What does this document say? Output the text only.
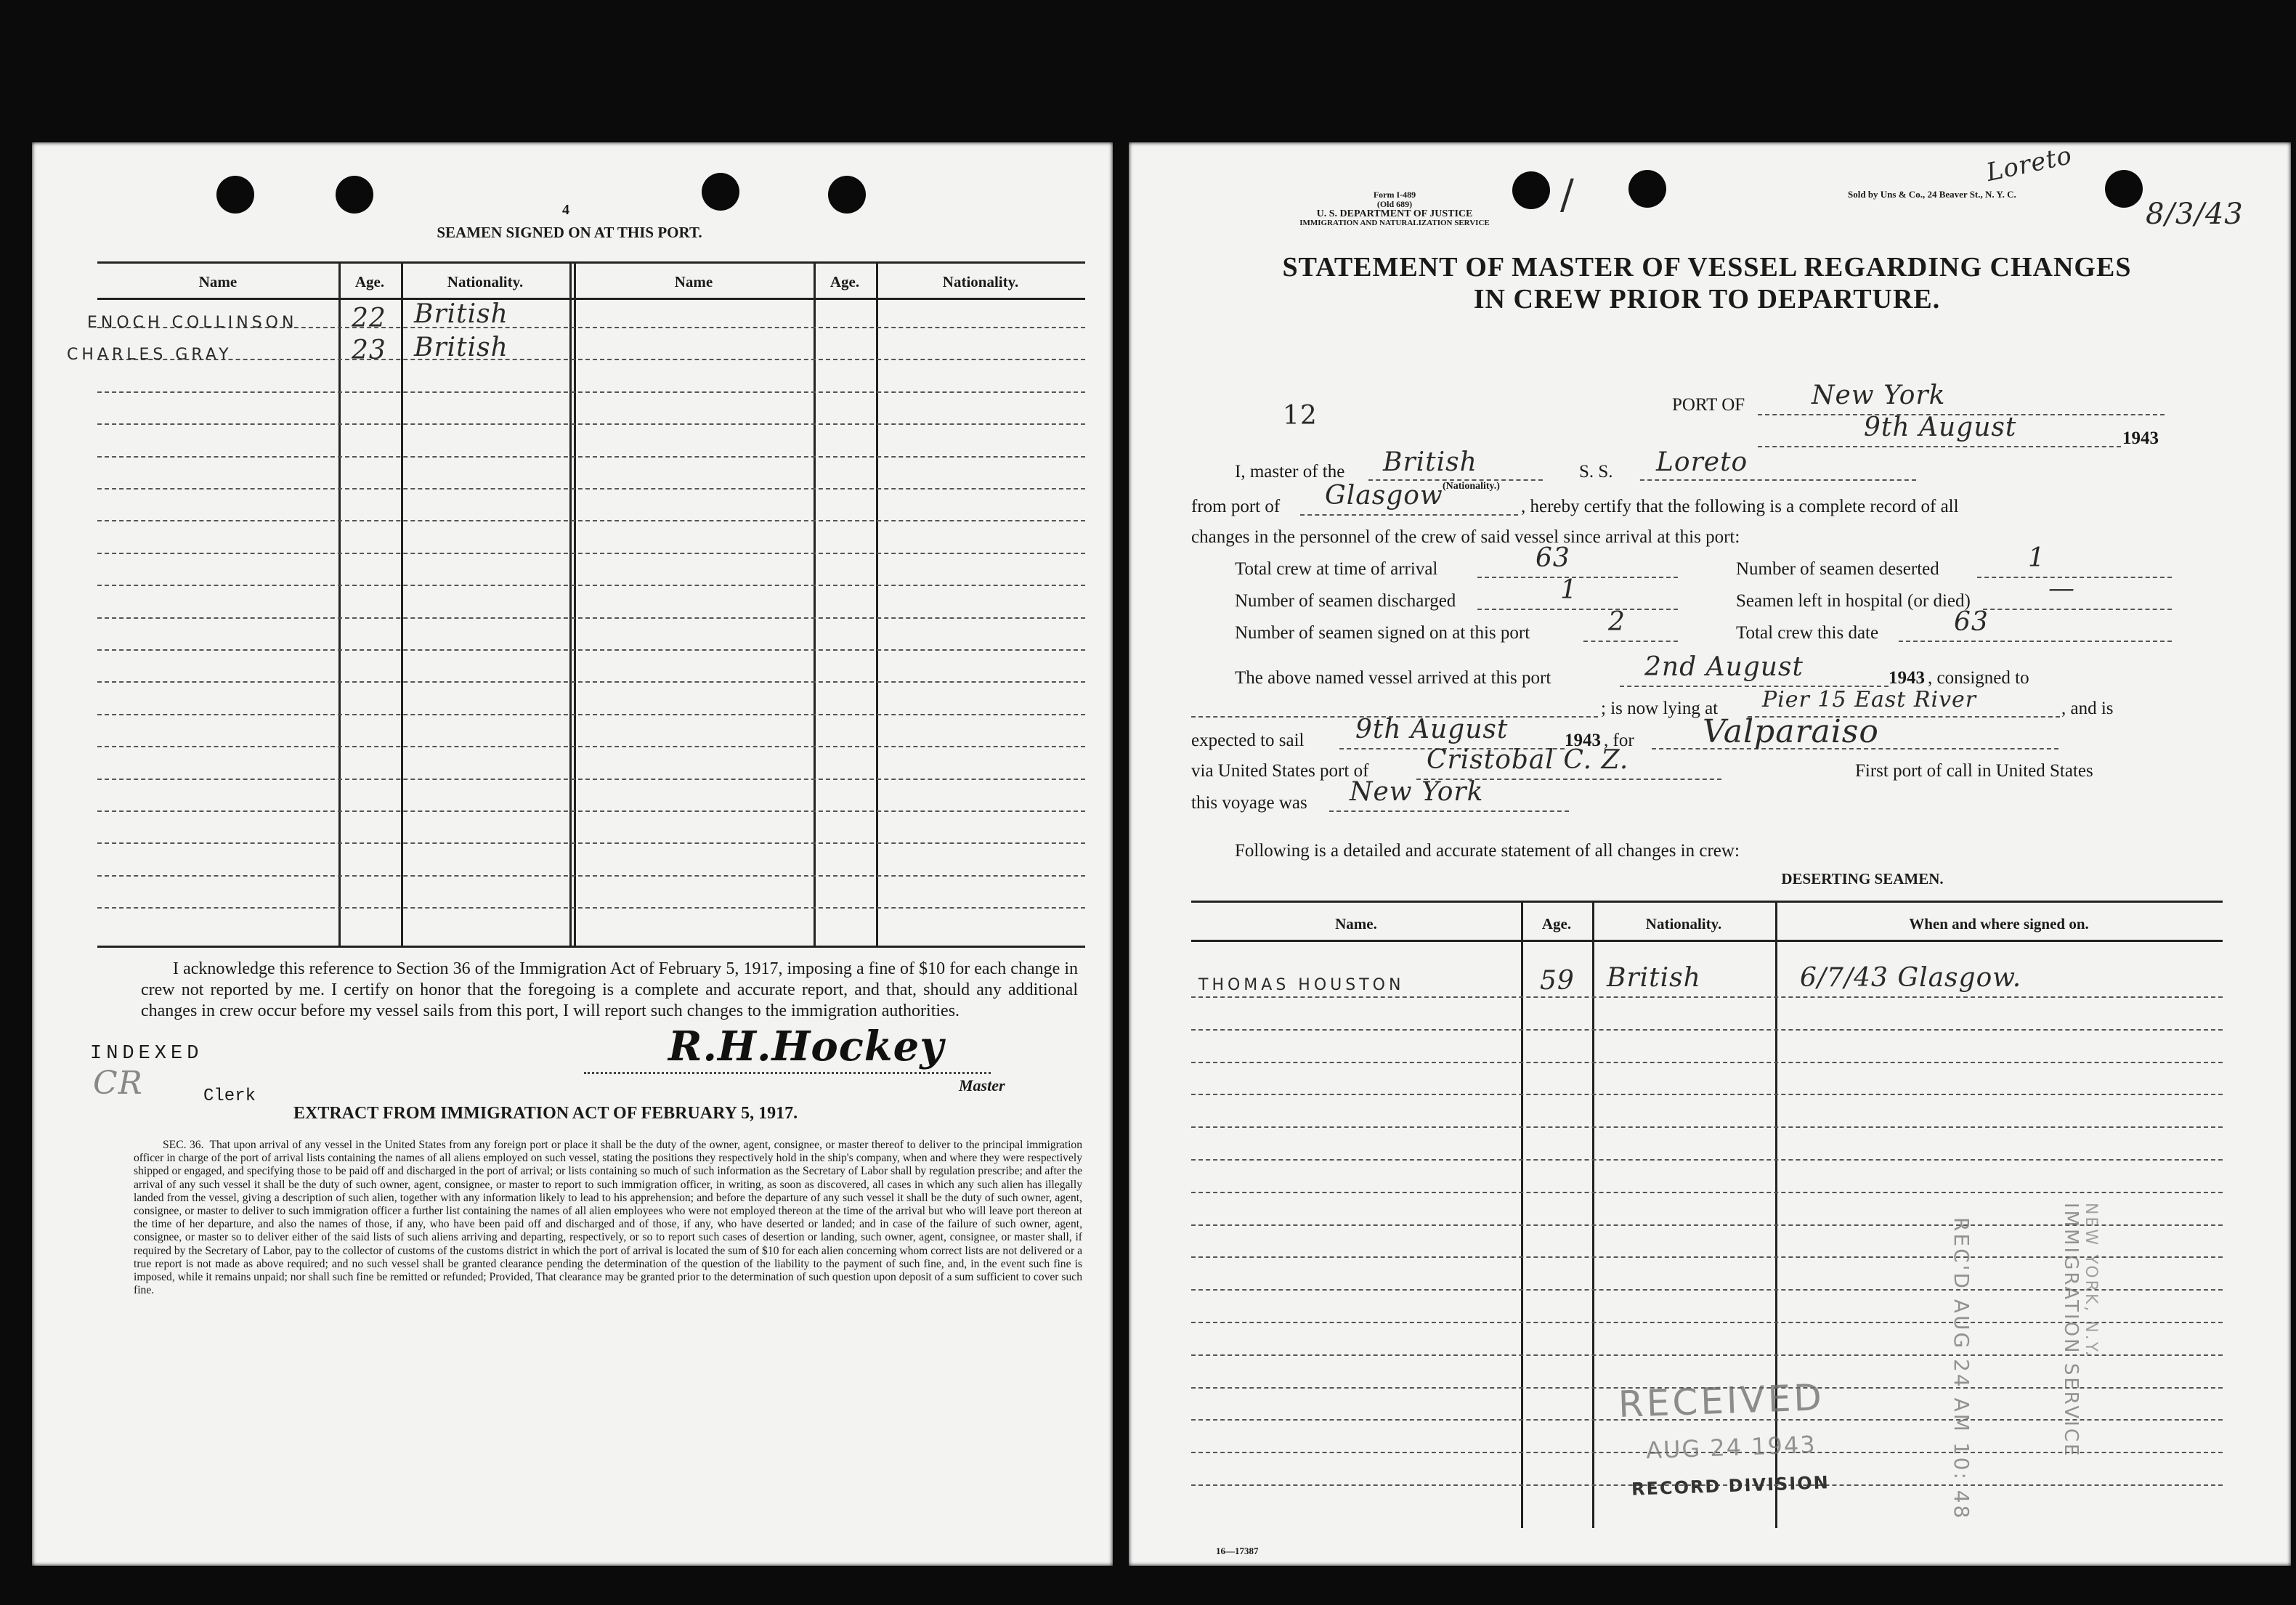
4
SEAMEN SIGNED ON AT THIS PORT.
Name	Age.	Nationality.	Name	Age.	Nationality.
ENOCH COLLINSON 22 British
CHARLES GRAY	23 British
I acknowledge this reference to Section 36 of the Immigration Act of February 5, 1917, imposing a fine of $10 for each change in crew not reported by me. I certify on honor that the foregoing is a complete and accurate report, and that, should any additional changes in crew occur before my vessel sails from this port, I will report such changes to the immigration authorities.
INDEXED
CR	Clerk
R.H.Hockey
Master
EXTRACT FROM IMMIGRATION ACT OF FEBRUARY 5, 1917.
SEC. 36. That upon arrival of any vessel in the United States from any foreign port or place it shall be the duty of the owner, agent, consignee, or master thereof to deliver to the principal immigration officer in charge of the port of arrival lists containing the names of all aliens employed on such vessel, stating the positions they respectively hold in the ship's company, when and where they were respectively shipped or engaged, and specifying those to be paid off and discharged in the port of arrival; or lists containing so much of such information as the Secretary of Labor shall by regulation prescribe; and after the arrival of any such vessel it shall be the duty of such owner, agent, consignee, or master to report to such immigration officer, in writing, as soon as discovered, all cases in which any such alien has illegally landed from the vessel, giving a description of such alien, together with any information likely to lead to his apprehension; and before the departure of any such vessel it shall be the duty of such owner, agent, consignee, or master to deliver to such immigration officer a further list containing the names of all alien employees who were not employed thereon at the time of the arrival but who will leave port thereon at the time of her departure, and also the names of those, if any, who have been paid off and discharged and of those, if any, who have deserted or landed; and in case of the failure of such owner, agent, consignee, or master so to deliver either of the said lists of such aliens arriving and departing, respectively, or so to report such cases of desertion or landing, such owner, agent, consignee, or master shall, if required by the Secretary of Labor, pay to the collector of customs of the customs district in which the port of arrival is located the sum of $10 for each alien concerning whom correct lists are not delivered or a true report is not made as above required; and no such vessel shall be granted clearance pending the determination of the question of the liability to the payment of such fine, and, in the event such fine is imposed, while it remains unpaid; nor shall such fine be remitted or refunded; Provided, That clearance may be granted prior to the determination of such question upon deposit of a sum sufficient to cover such fine.
/
Form I-489
(Old 689)
U. S. DEPARTMENT OF JUSTICE
IMMIGRATION AND NATURALIZATION SERVICE
Sold by Uns & Co., 24 Beaver St., N. Y. C.
Loreto
8/3/43
STATEMENT OF MASTER OF VESSEL REGARDING CHANGES
IN CREW PRIOR TO DEPARTURE.
12	PORT OF	New York
9th August	1943
I, master of the British
(Nationality.)
S. S. Loreto
from port of Glasgow	, hereby certify that the following is a complete record of all
changes in the personnel of the crew of said vessel since arrival at this port:
Total crew at time of arrival	63	Number of seamen deserted	1
Number of seamen discharged	1	Seamen left in hospital (or died)	—
Number of seamen signed on at this port	2	Total crew this date	63
The above named vessel arrived at this port	2nd August	1943 , consigned to
; is now lying at Pier 15 East River	, and is
expected to sail 9th August	1943 , for Valparaiso
via United States port of Cristobal C. Z.	First port of call in United States
this voyage was New York
Following is a detailed and accurate statement of all changes in crew:
DESERTING SEAMEN.
Name.	Age.	Nationality.	When and where signed on.
THOMAS HOUSTON	59 British	6/7/43 Glasgow.
RECEIVED
AUG 24 1943
RECORD DIVISION	REC'D AUG 24 AM 10: 48	IMMIGRATION SERVICE NEW YORK, N.Y.
16—17387
